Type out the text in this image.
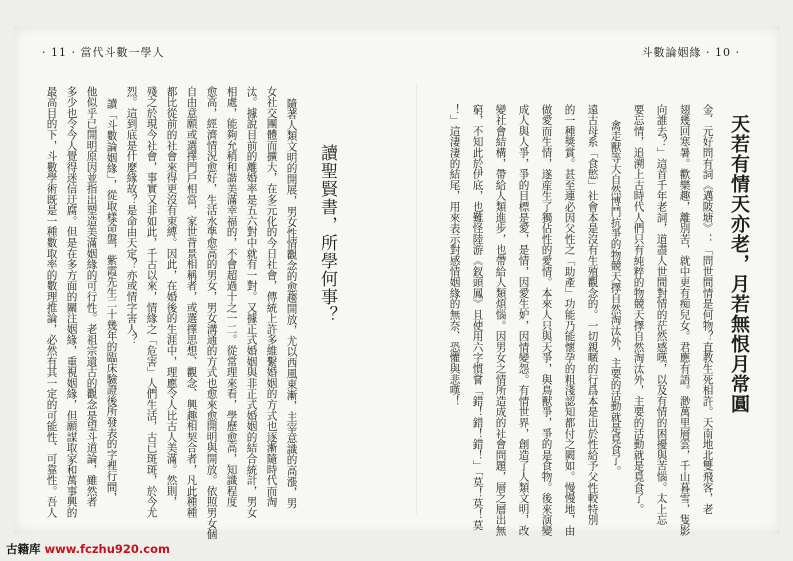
· 11 · 當代斗數一學人	斗數論姻緣 · 10 ·
天若有情天亦老，月若無恨月常圓
金．元好問有詞《邁陂塘》：「問世間情是何物？直教生死相許。天南地北雙飛客，老
翅幾回寒暑。歡樂趣，離別苦，就中更有痴兒女。君應有語。渺萬里層雲，千山暮雪，隻影
向誰去？」這首千年老詞，道盡人世間對情的茫然感嘆，以及有情的困擾與苦惱。太上忘
要忘情，追溯上古時代人們只有純粹的物競天擇自然淘汰外，主要的活動就是覓食了。
禽走獸等大自然博鬥抗爭的物競天擇自然淘汰外，主要的活動就是覓食了。
遠古母系「食慾」社會本是沒有生殖觀念的。一切親暱的行爲本是出於性給予父性較特別
的一種獎賞。甚至連必因父性之「助產」功能乃能懷孕的粗淺認知都付之闕如。慢慢地，由
做愛而生情，遂産生了獨佔性的愛情。本來人只與天爭，與鳥獸爭，爭的是食物。後來演變
成人與人爭，爭的目標是愛，是情，因愛生妒，因情變怨。有情世界，創造了人類文明，改
變社會結構，帶給人類進步，也帶給人類煩惱。因男女之情所造成的社會問題，層之層出無
窮，不知此於伊底，也難怪陸游《釵頭鳳》且使用六字慣嘗「錯！錯！錯！」「莫！莫！莫
！」這淒淒的結尾，用來表示對感情姻緣的無奈、恐懼與悲嘆！
讀聖賢書，所學何事？
隨著人類文明的開展，男女性情觀念的愈趨開放，尤以西風東漸，主宰意識的高漲，男
女社交團體而擴大，在多元化的今日社會，傳統上許多維繫婚姻的方式也逐漸隨時代而淘
汰。據說目前的離婚率是五六對中就有一對。又據正式婚姻與非正式婚姻的結合統計，男女
相處，能夠允稍和諧美滿幸福的，不會超過十之一二。從常理來看，學歷愈高，知識程度
愈高，經濟情況愈好，生活水準愈高的男女，男女溝通的方式也愈來愈開明與開放。依照男女個
自由意願或選擇門戶相當，家世背景相稱者，或選擇思想、觀念、興趣相契合者，凡此種種
都比從前的社會來得更沒有束縛。因此，在婚後的生涯中，理應令人比古人美滿。然則，
殘之於現今社會，事實又非如此，千古以來，情緣之「危害」人們生活，古已斑斑，於今尤
烈。這到底是什麼緣故？是命由天定？亦或情字害人？
讀「斗數論姻緣」，從取樣命盤，紫霞先生二十幾年的臨床驗證後所發表的字裡行間，
他似乎已開明原因並指出塑造美滿姻緣的可行性。老祖宗遺古的觀念是望斗道論，雖然者
多少也令今人覺得迷信迂腐。但是在多方面的關注姻緣，重視姻緣，但願謀取家和萬事興的
最高目的下，斗數學術既是一種數取率的數理推論，必然有其一定的可能性、可靠性。吾人
古籍库 www.fczhu920.com
